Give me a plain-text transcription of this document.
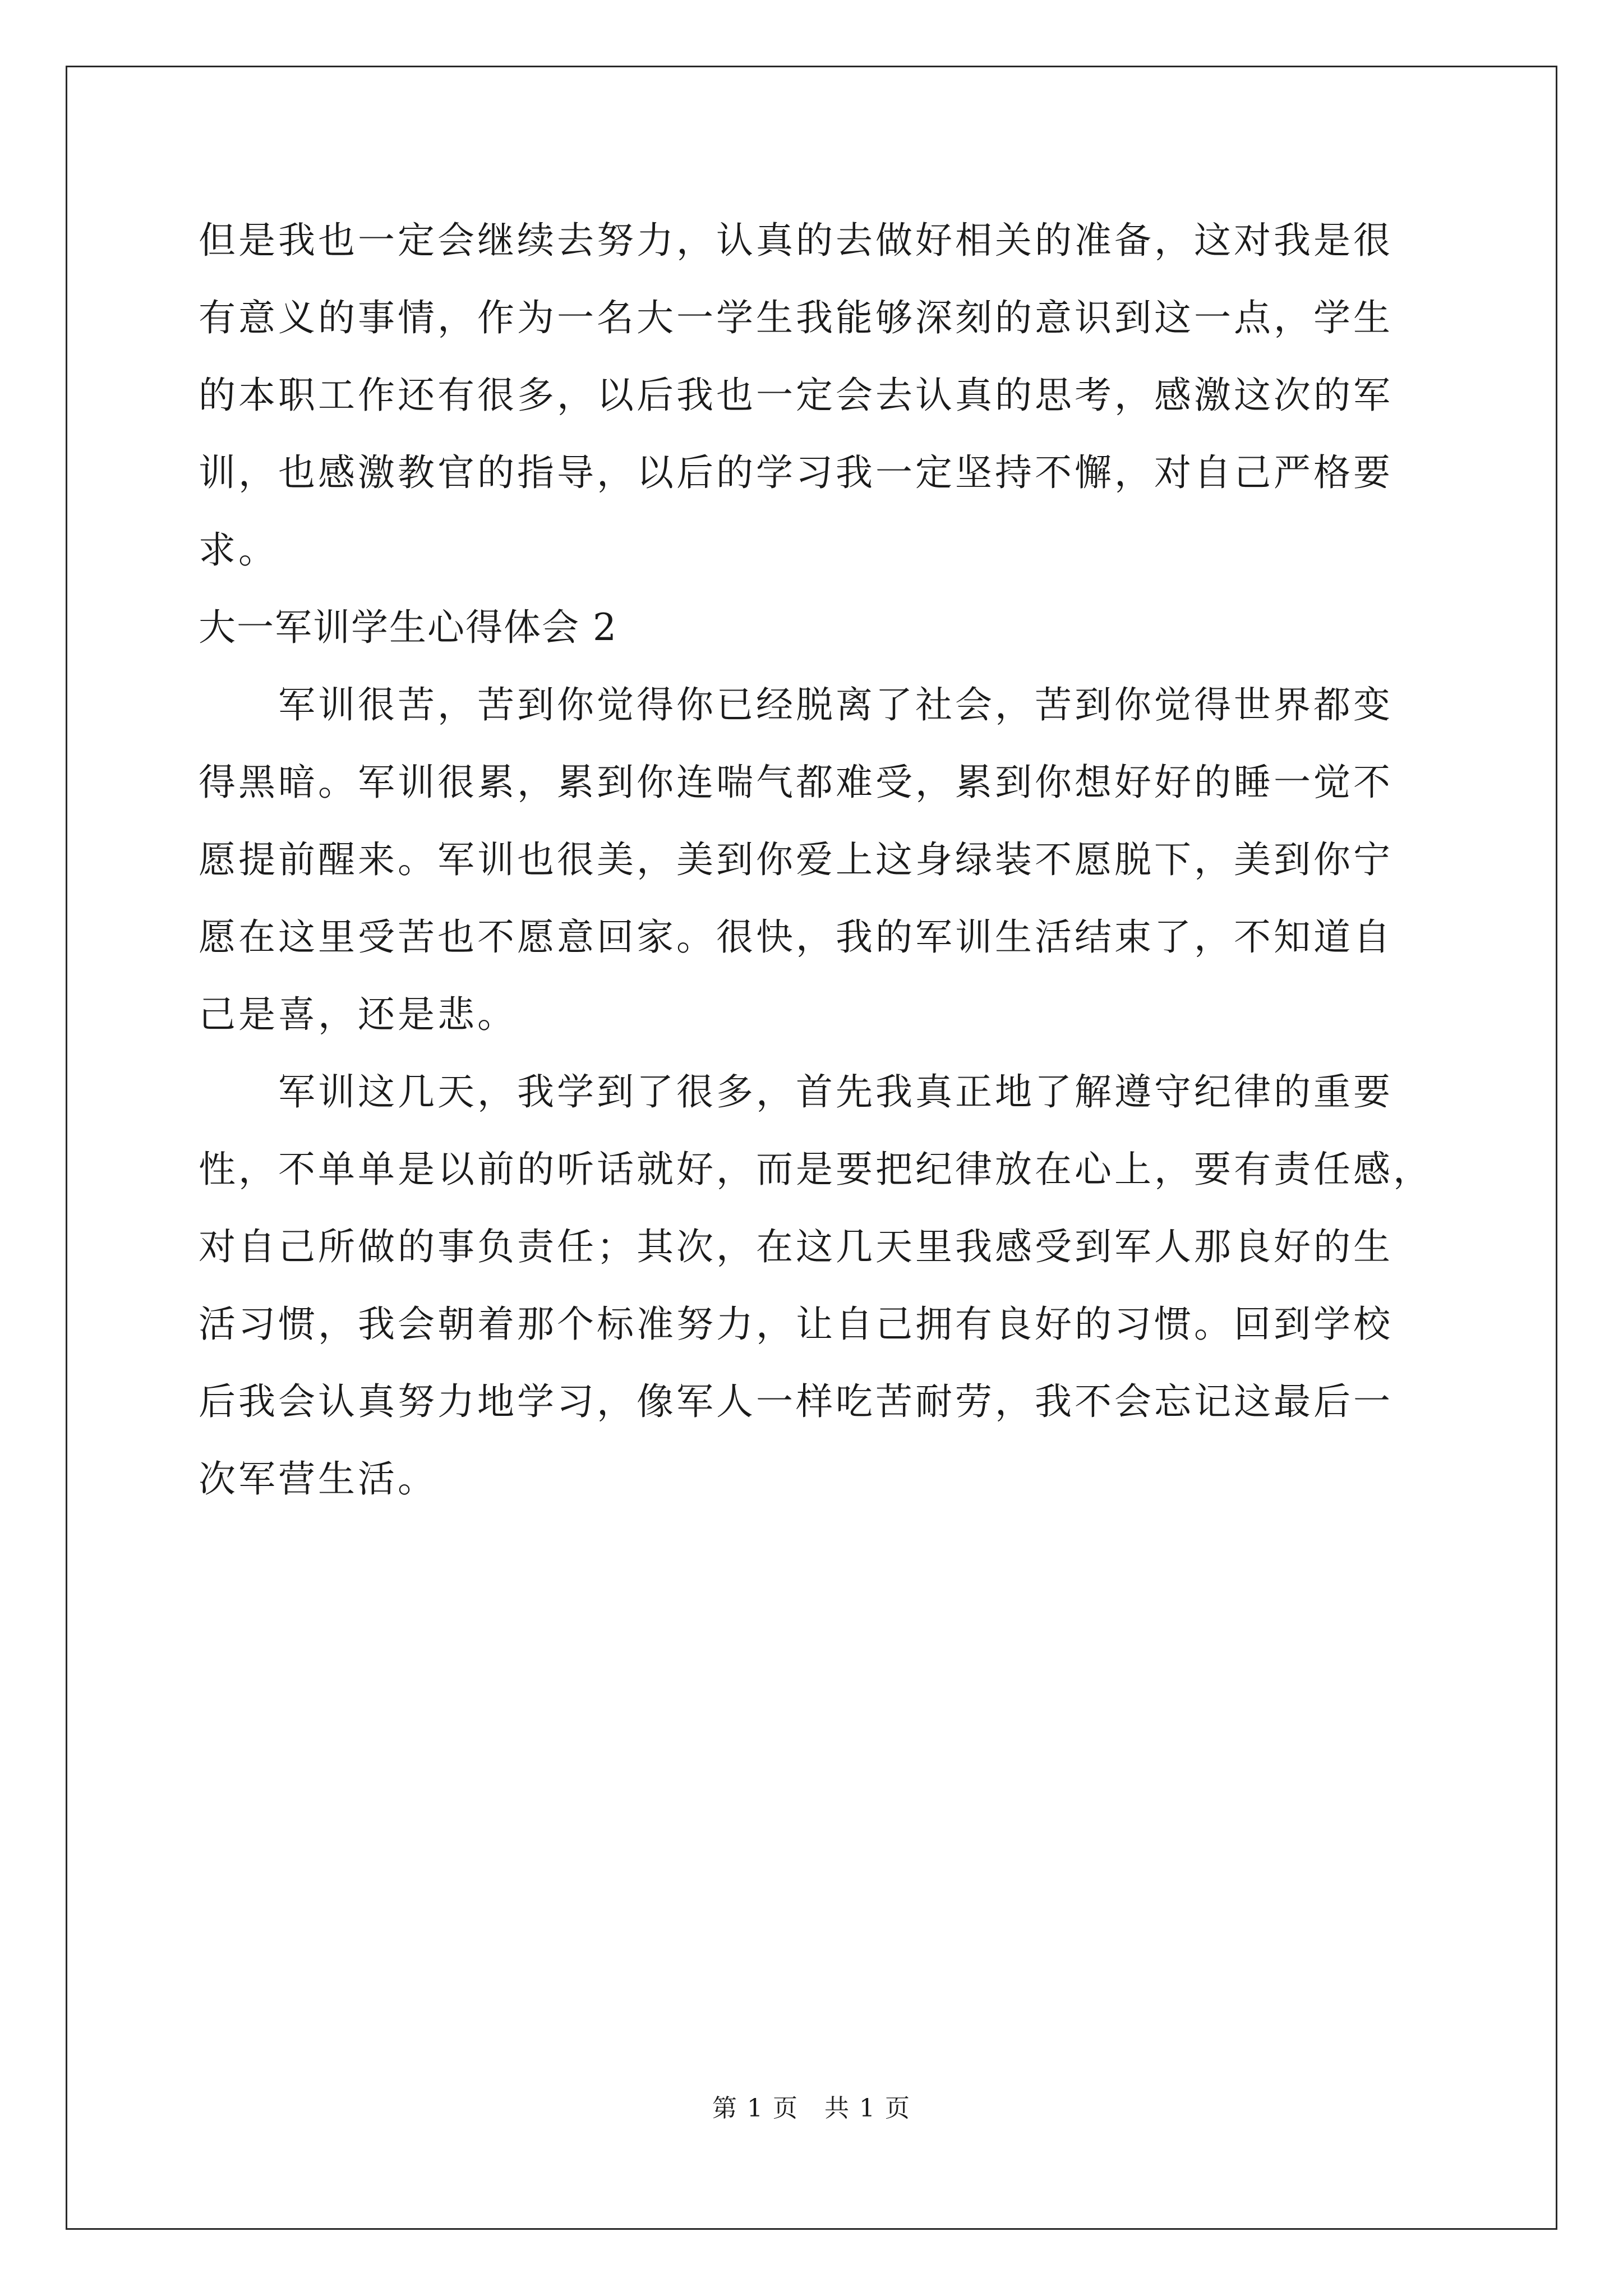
但是我也一定会继续去努力，认真的去做好相关的准备，这对我是很
有意义的事情，作为一名大一学生我能够深刻的意识到这一点，学生
的本职工作还有很多，以后我也一定会去认真的思考，感激这次的军
训，也感激教官的指导，以后的学习我一定坚持不懈，对自己严格要
求。
大一军训学生心得体会 2
　　军训很苦，苦到你觉得你已经脱离了社会，苦到你觉得世界都变
得黑暗。军训很累，累到你连喘气都难受，累到你想好好的睡一觉不
愿提前醒来。军训也很美，美到你爱上这身绿装不愿脱下，美到你宁
愿在这里受苦也不愿意回家。很快，我的军训生活结束了，不知道自
己是喜，还是悲。
　　军训这几天，我学到了很多，首先我真正地了解遵守纪律的重要
性，不单单是以前的听话就好，而是要把纪律放在心上，要有责任感，
对自己所做的事负责任；其次，在这几天里我感受到军人那良好的生
活习惯，我会朝着那个标准努力，让自己拥有良好的习惯。回到学校
后我会认真努力地学习，像军人一样吃苦耐劳，我不会忘记这最后一
次军营生活。
第 1 页　共 1 页
